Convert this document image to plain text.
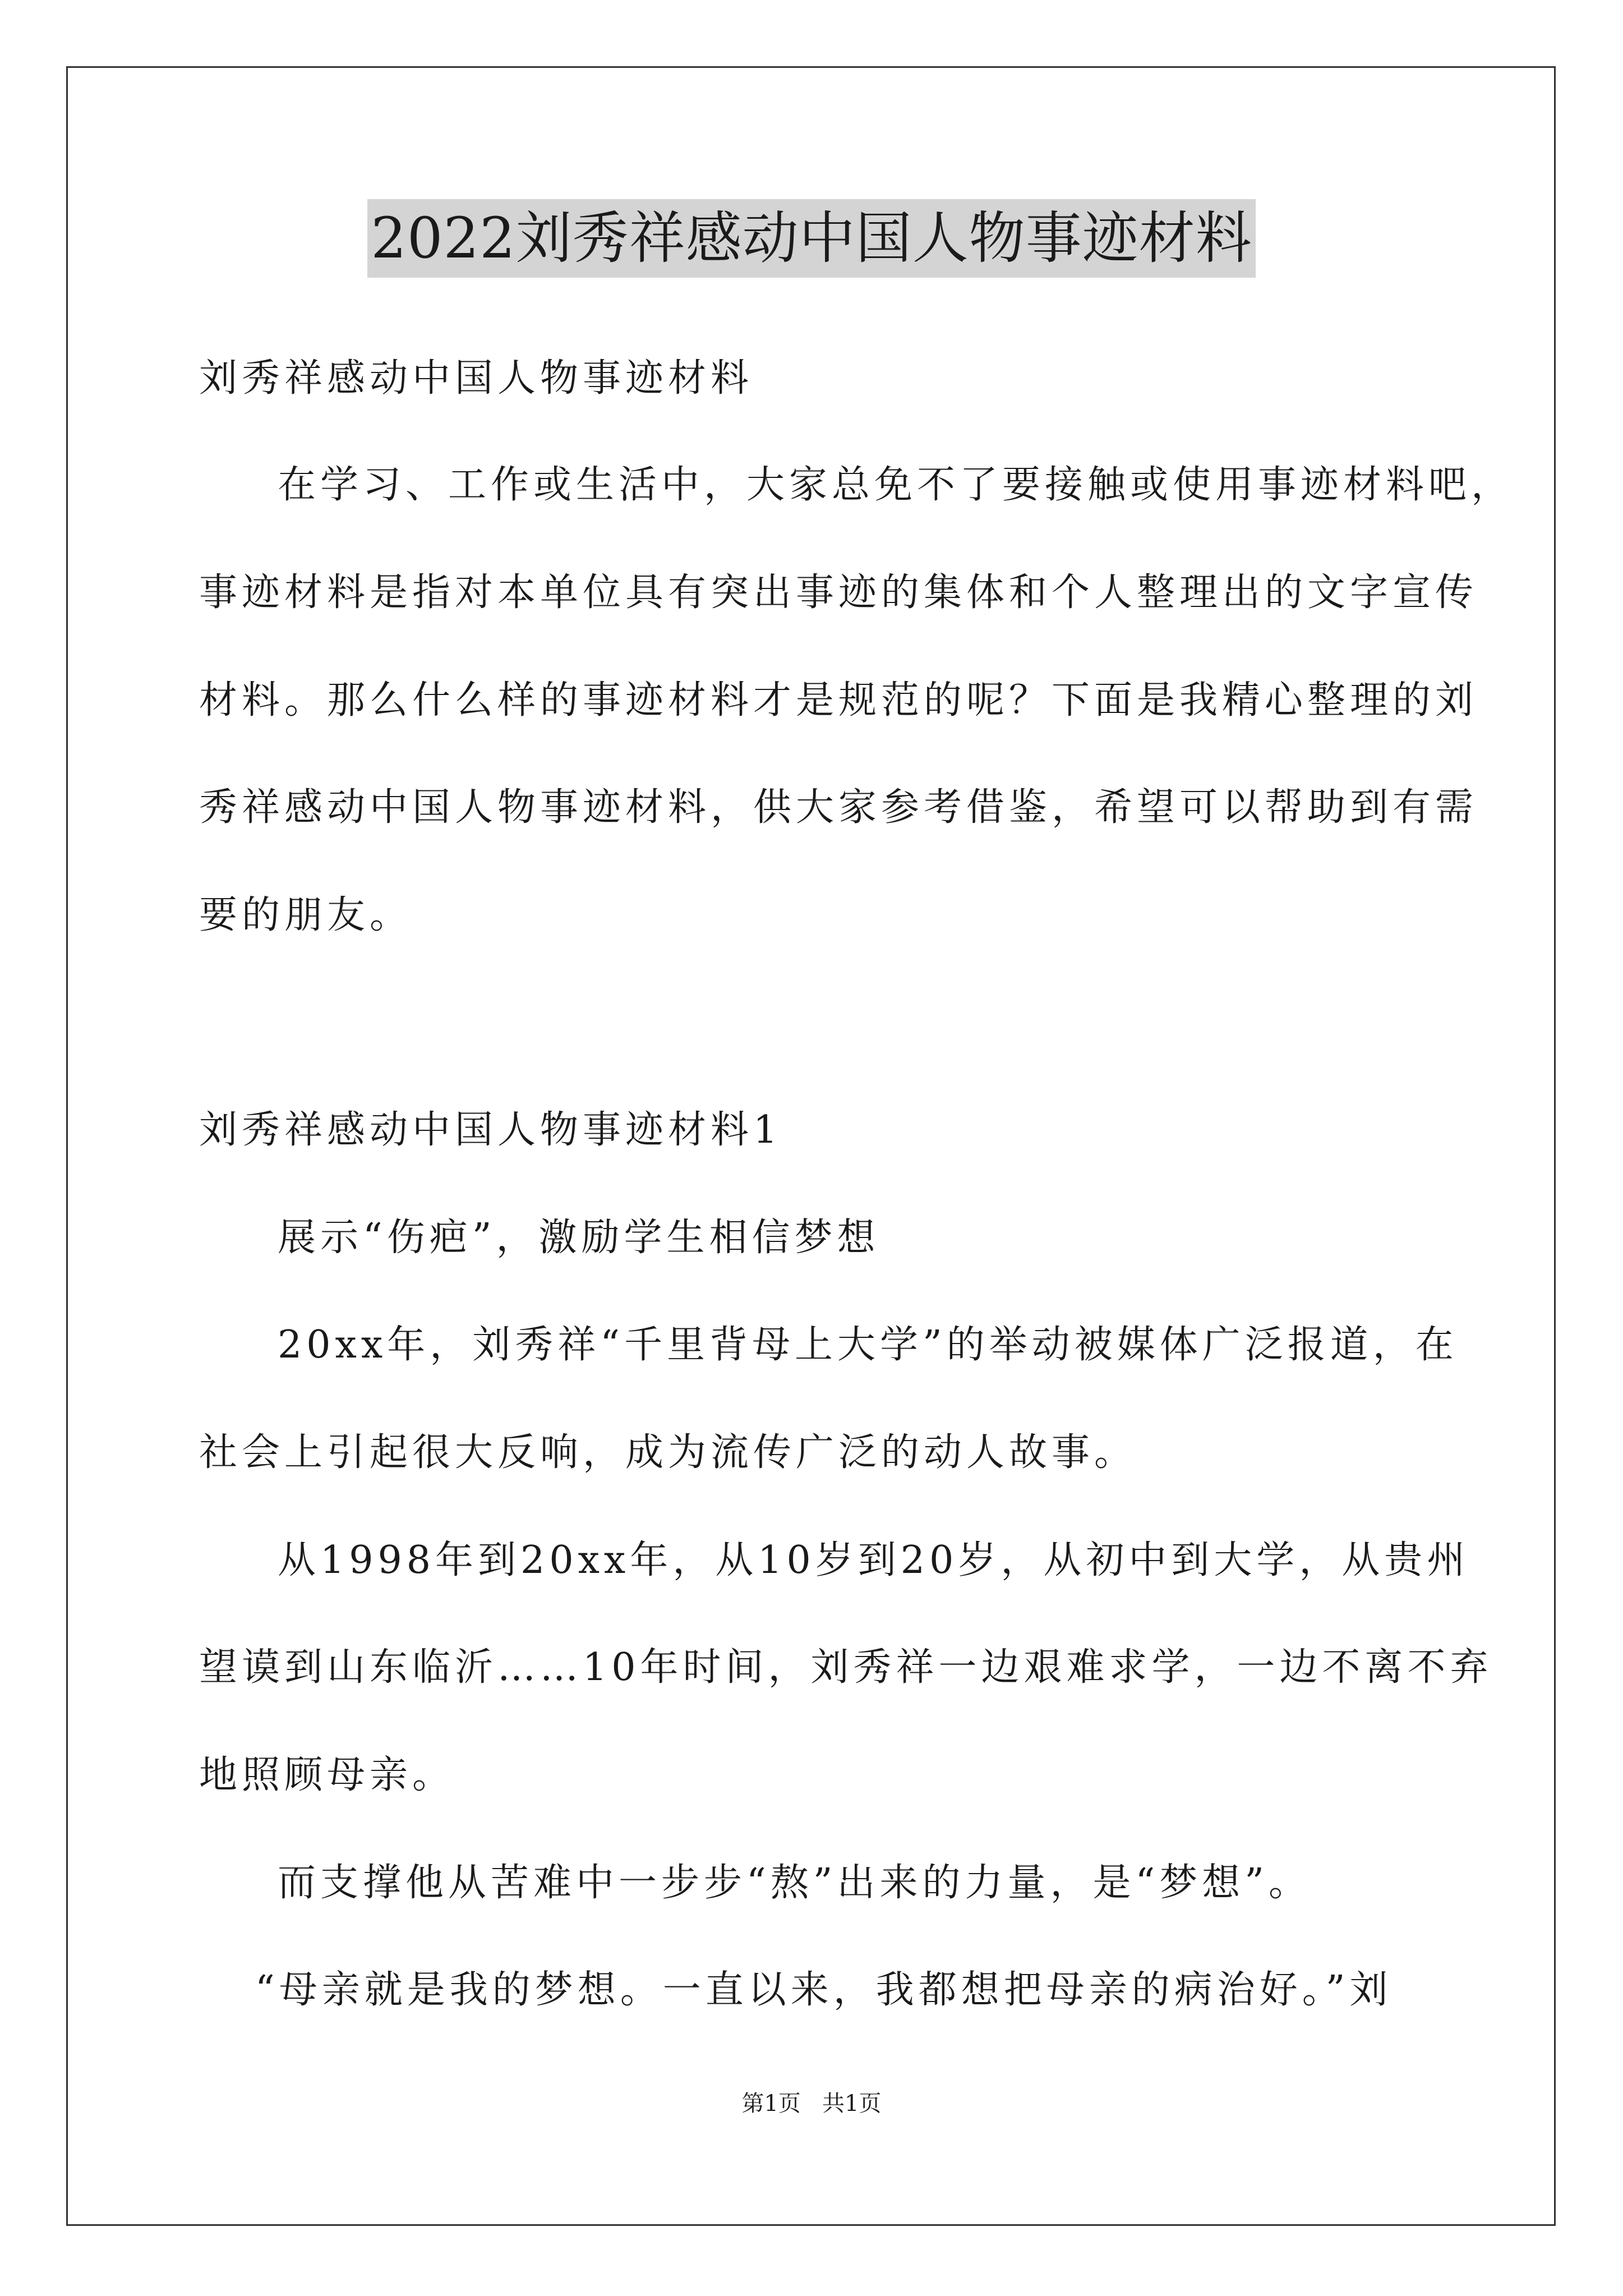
2022刘秀祥感动中国人物事迹材料
刘秀祥感动中国人物事迹材料
在学习、工作或生活中，大家总免不了要接触或使用事迹材料吧，
事迹材料是指对本单位具有突出事迹的集体和个人整理出的文字宣传
材料。那么什么样的事迹材料才是规范的呢？下面是我精心整理的刘
秀祥感动中国人物事迹材料，供大家参考借鉴，希望可以帮助到有需
要的朋友。
刘秀祥感动中国人物事迹材料1
展示“伤疤”，激励学生相信梦想
20xx年，刘秀祥“千里背母上大学”的举动被媒体广泛报道，在
社会上引起很大反响，成为流传广泛的动人故事。
从1998年到20xx年，从10岁到20岁，从初中到大学，从贵州
望谟到山东临沂……10年时间，刘秀祥一边艰难求学，一边不离不弃
地照顾母亲。
而支撑他从苦难中一步步“熬”出来的力量，是“梦想”。
“母亲就是我的梦想。一直以来，我都想把母亲的病治好。”刘
第1页   共1页
